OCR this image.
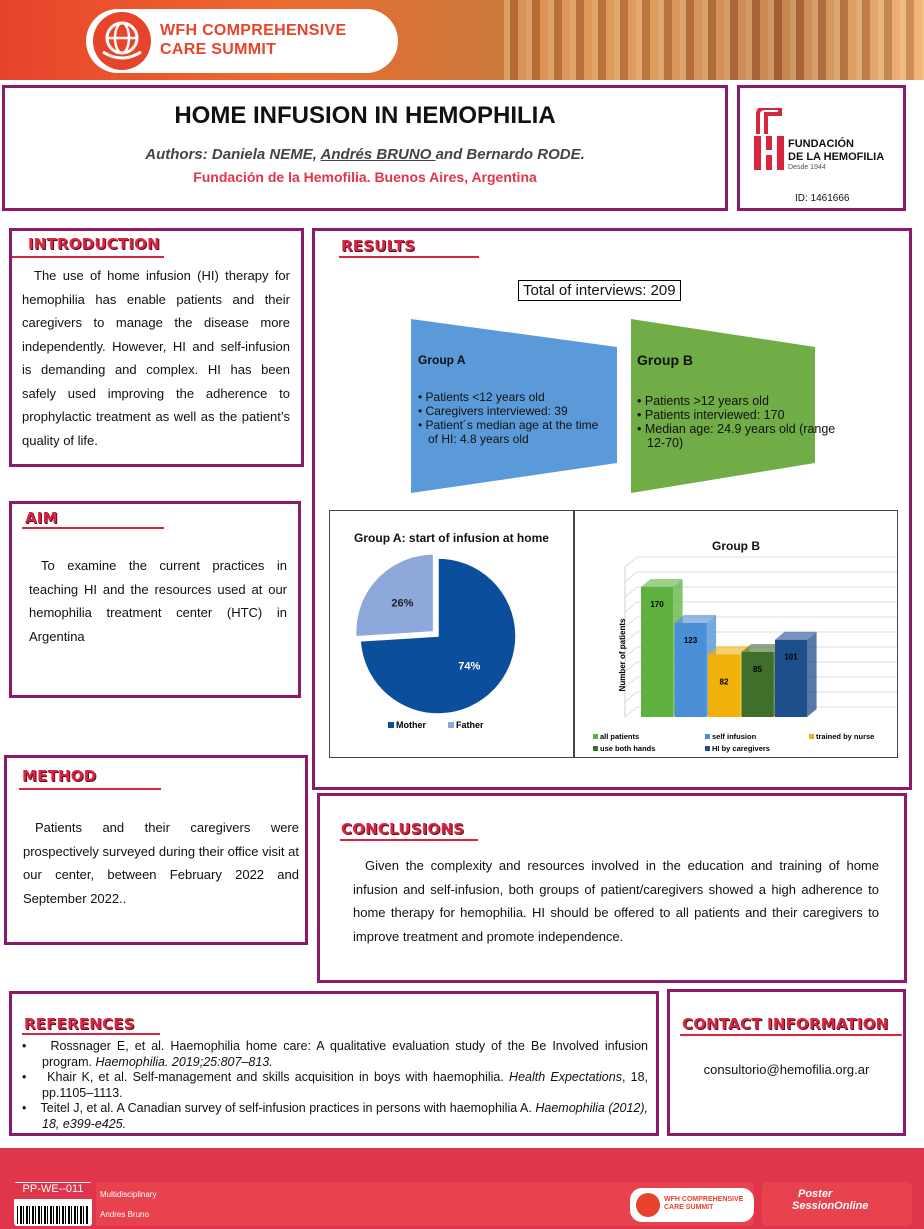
WFH COMPREHENSIVE
CARE SUMMIT
HOME INFUSION IN HEMOPHILIA
Authors: Daniela NEME, Andrés BRUNO and Bernardo RODE.
Fundación de la Hemofilia. Buenos Aires, Argentina
FUNDACIÓN
DE LA HEMOFILIA
Desde 1944
ID: 1461666
INTRODUCTION
The use of home infusion (HI) therapy for hemophilia has enable patients and their caregivers to manage the disease more independently. However, HI and self-infusion is demanding and complex. HI has been safely used improving the adherence to prophylactic treatment as well as the patient’s quality of life.
AIM
To examine the current practices in teaching HI and the resources used at our hemophilia treatment center (HTC) in Argentina
METHOD
Patients and their caregivers were prospectively surveyed during their office visit at our center, between February 2022 and September 2022..
RESULTS
Total of interviews: 209
Group A
• Patients <12 years old
• Caregivers interviewed: 39
• Patient´s median age at the time of HI: 4.8 years old
Group B
• Patients >12 years old
• Patients interviewed: 170
• Median age: 24.9 years old (range 12-70)
Group A: start of infusion at home
74%
26%
Mother	Father
Group B
Number of patients
170
123
82
85
101
all patients	self infusion	trained by nurse
use both hands	HI by caregivers
CONCLUSIONS
Given the complexity and resources involved in the education and training of home infusion and self-infusion, both groups of patient/caregivers showed a high adherence to home therapy for hemophilia. HI should be offered to all patients and their caregivers to improve treatment and promote independence.
REFERENCES
•    Rossnager E, et al. Haemophilia home care: A qualitative evaluation study of the Be Involved infusion program. Haemophilia. 2019;25:807–813.
•    Khair K, et al. Self-management and skills acquisition in boys with haemophilia. Health Expectations, 18, pp.1105–1113.
•    Teitel J, et al. A Canadian survey of self-infusion practices in persons with haemophilia A. Haemophilia (2012), 18, e399-e425.
CONTACT INFORMATION
consultorio@hemofilia.org.ar
PP-WE--011	Multidisciplinary
Andres Bruno
WFH COMPREHENSIVE
CARE SUMMIT
Poster
SessionOnline
